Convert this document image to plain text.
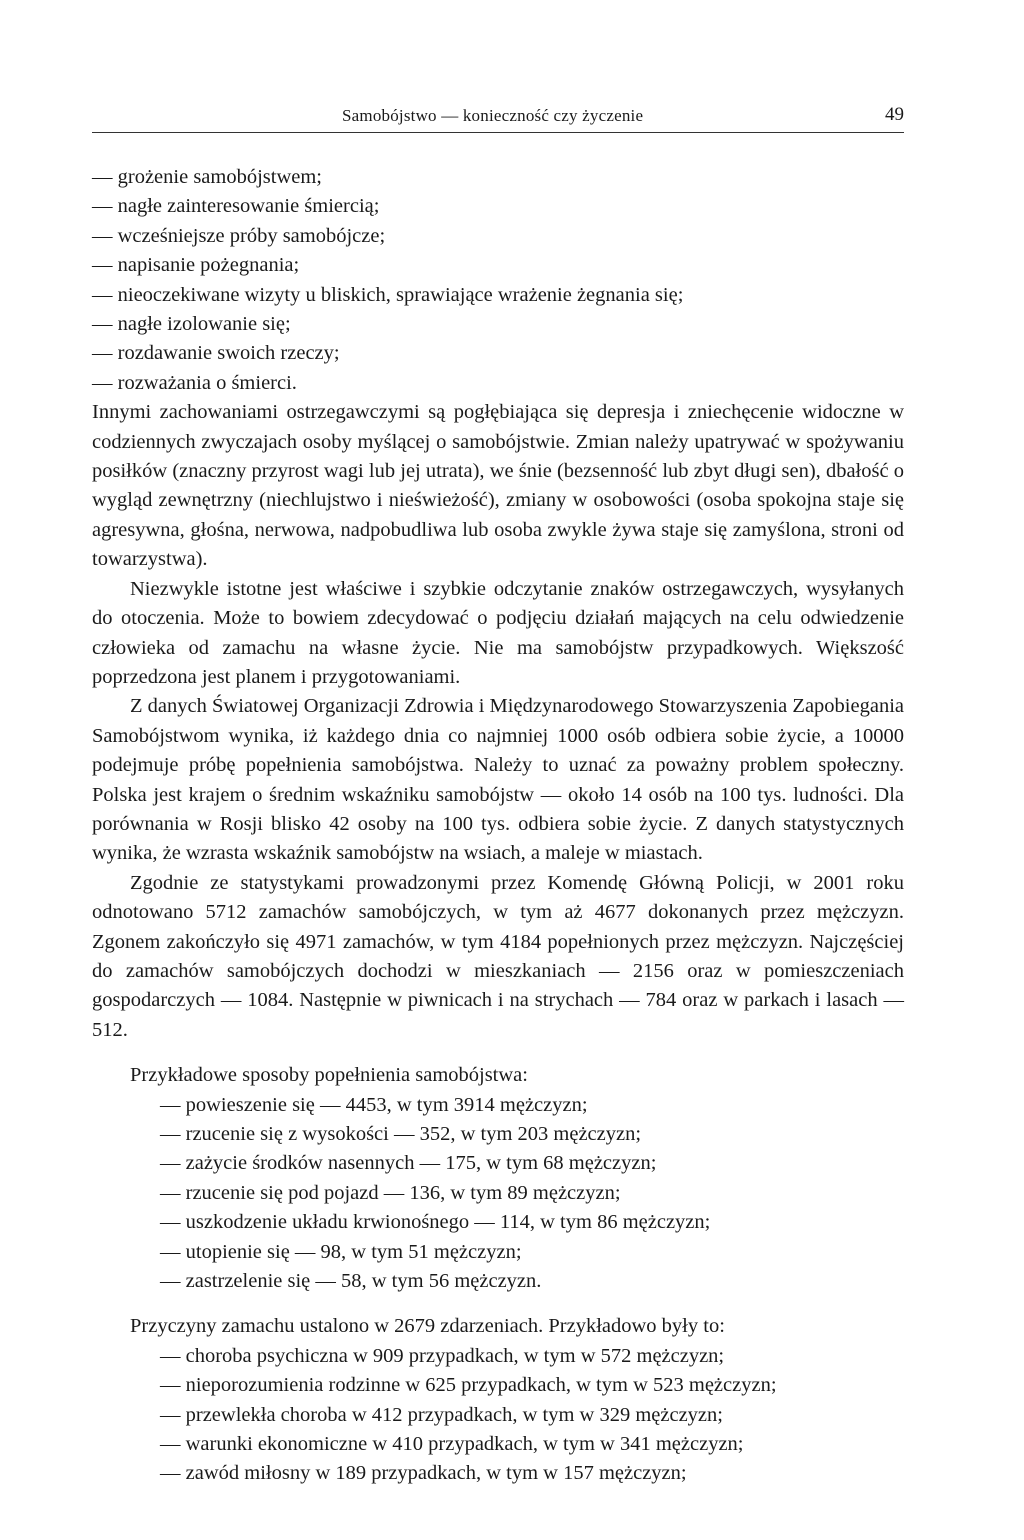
Samobójstwo — konieczność czy życzenie	49
— grożenie samobójstwem;
— nagłe zainteresowanie śmiercią;
— wcześniejsze próby samobójcze;
— napisanie pożegnania;
— nieoczekiwane wizyty u bliskich, sprawiające wrażenie żegnania się;
— nagłe izolowanie się;
— rozdawanie swoich rzeczy;
— rozważania o śmierci.

Innymi zachowaniami ostrzegawczymi są pogłębiająca się depresja i zniechęcenie widoczne w codziennych zwyczajach osoby myślącej o samobójstwie. Zmian należy upatrywać w spożywaniu posiłków (znaczny przyrost wagi lub jej utrata), we śnie (bezsenność lub zbyt długi sen), dbałość o wygląd zewnętrzny (niechlujstwo i nieświeżość), zmiany w osobowości (osoba spokojna staje się agresywna, głośna, nerwowa, nadpobudliwa lub osoba zwykle żywa staje się zamyślona, stroni od towarzystwa).

Niezwykle istotne jest właściwe i szybkie odczytanie znaków ostrzegawczych, wysyłanych do otoczenia. Może to bowiem zdecydować o podjęciu działań mających na celu odwiedzenie człowieka od zamachu na własne życie. Nie ma samobójstw przypadkowych. Większość poprzedzona jest planem i przygotowaniami.

Z danych Światowej Organizacji Zdrowia i Międzynarodowego Stowarzyszenia Zapobiegania Samobójstwom wynika, iż każdego dnia co najmniej 1000 osób odbiera sobie życie, a 10000 podejmuje próbę popełnienia samobójstwa. Należy to uznać za poważny problem społeczny. Polska jest krajem o średnim wskaźniku samobójstw — około 14 osób na 100 tys. ludności. Dla porównania w Rosji blisko 42 osoby na 100 tys. odbiera sobie życie. Z danych statystycznych wynika, że wzrasta wskaźnik samobójstw na wsiach, a maleje w miastach.

Zgodnie ze statystykami prowadzonymi przez Komendę Główną Policji, w 2001 roku odnotowano 5712 zamachów samobójczych, w tym aż 4677 dokonanych przez mężczyzn. Zgonem zakończyło się 4971 zamachów, w tym 4184 popełnionych przez mężczyzn. Najczęściej do zamachów samobójczych dochodzi w mieszkaniach — 2156 oraz w pomieszczeniach gospodarczych — 1084. Następnie w piwnicach i na strychach — 784 oraz w parkach i lasach — 512.

Przykładowe sposoby popełnienia samobójstwa:

— powieszenie się — 4453, w tym 3914 mężczyzn;
— rzucenie się z wysokości — 352, w tym 203 mężczyzn;
— zażycie środków nasennych — 175, w tym 68 mężczyzn;
— rzucenie się pod pojazd — 136, w tym 89 mężczyzn;
— uszkodzenie układu krwionośnego — 114, w tym 86 mężczyzn;
— utopienie się — 98, w tym 51 mężczyzn;
— zastrzelenie się — 58, w tym 56 mężczyzn.

Przyczyny zamachu ustalono w 2679 zdarzeniach. Przykładowo były to:

— choroba psychiczna w 909 przypadkach, w tym w 572 mężczyzn;
— nieporozumienia rodzinne w 625 przypadkach, w tym w 523 mężczyzn;
— przewlekła choroba w 412 przypadkach, w tym w 329 mężczyzn;
— warunki ekonomiczne w 410 przypadkach, w tym w 341 mężczyzn;
— zawód miłosny w 189 przypadkach, w tym w 157 mężczyzn;
